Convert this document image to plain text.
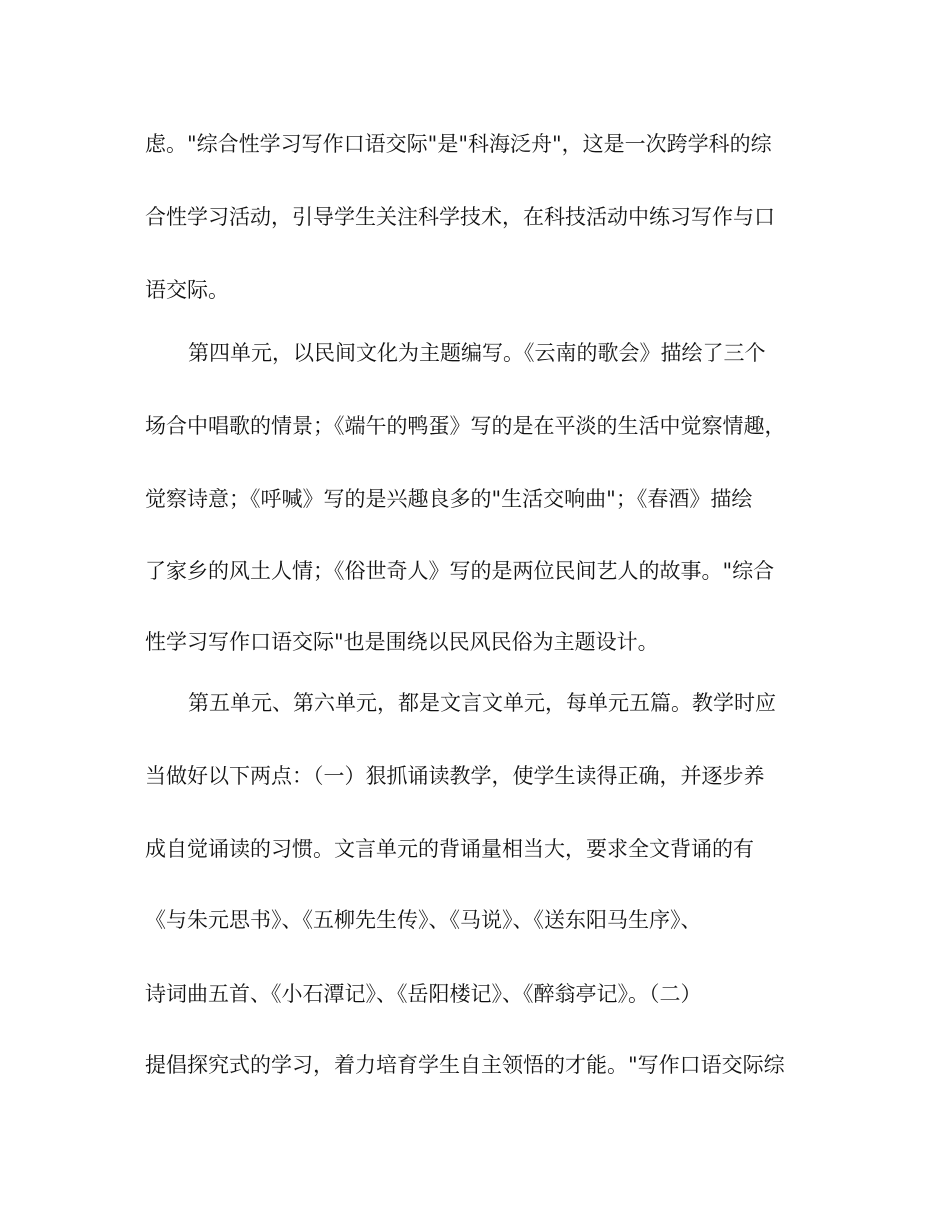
虑。"综合性学习写作口语交际"是"科海泛舟"，这是一次跨学科的综

合性学习活动，引导学生关注科学技术，在科技活动中练习写作与口

语交际。

第四单元，以民间文化为主题编写。《云南的歌会》描绘了三个

场合中唱歌的情景；《端午的鸭蛋》写的是在平淡的生活中觉察情趣，

觉察诗意；《呼喊》写的是兴趣良多的"生活交响曲"；《春酒》描绘

了家乡的风土人情；《俗世奇人》写的是两位民间艺人的故事。"综合

性学习写作口语交际"也是围绕以民风民俗为主题设计。

第五单元、第六单元，都是文言文单元，每单元五篇。教学时应

当做好以下两点：（一）狠抓诵读教学，使学生读得正确，并逐步养

成自觉诵读的习惯。文言单元的背诵量相当大，要求全文背诵的有

《与朱元思书》、《五柳先生传》、《马说》、《送东阳马生序》、

诗词曲五首、《小石潭记》、《岳阳楼记》、《醉翁亭记》。（二）

提倡探究式的学习，着力培育学生自主领悟的才能。"写作口语交际综
